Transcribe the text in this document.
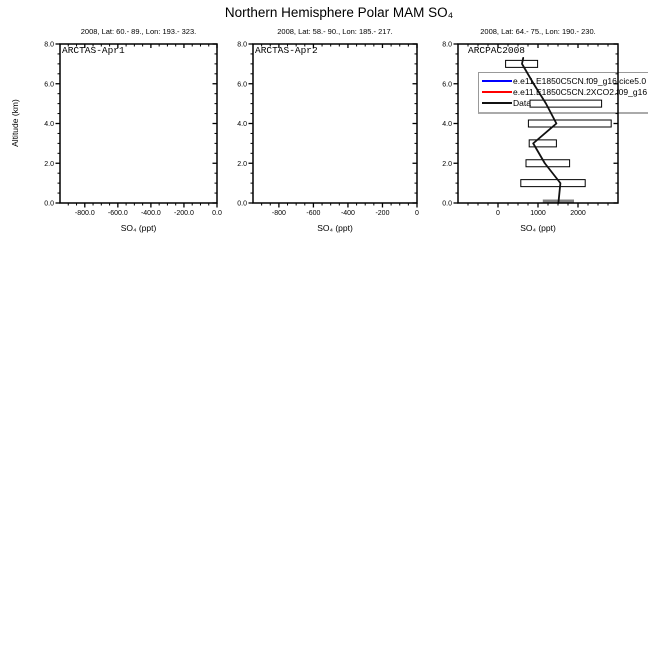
Northern Hemisphere Polar MAM SO₄
2008, Lat: 60.- 89., Lon: 193.- 323.	2008, Lat: 58.- 90., Lon: 185.- 217.	2008, Lat: 64.- 75., Lon: 190.- 230.
ARCTAS-Apr1	ARCTAS-Apr2	ARCPAC2008
Altitude (km)
SO₄ (ppt)	SO₄ (ppt)	SO₄ (ppt)
e.e11.E1850C5CN.f09_g16.cice5.0
e.e11.E1850C5CN.2XCO2.f09_g16
Data
-800.0 -600.0 -400.0 -200.0	0.0
0.0
2.0
4.0
6.0
8.0
-800	-600	-400	-200	0
0.0
2.0
4.0
6.0
8.0
0	1000	2000
0.0
2.0
4.0
6.0
8.0
